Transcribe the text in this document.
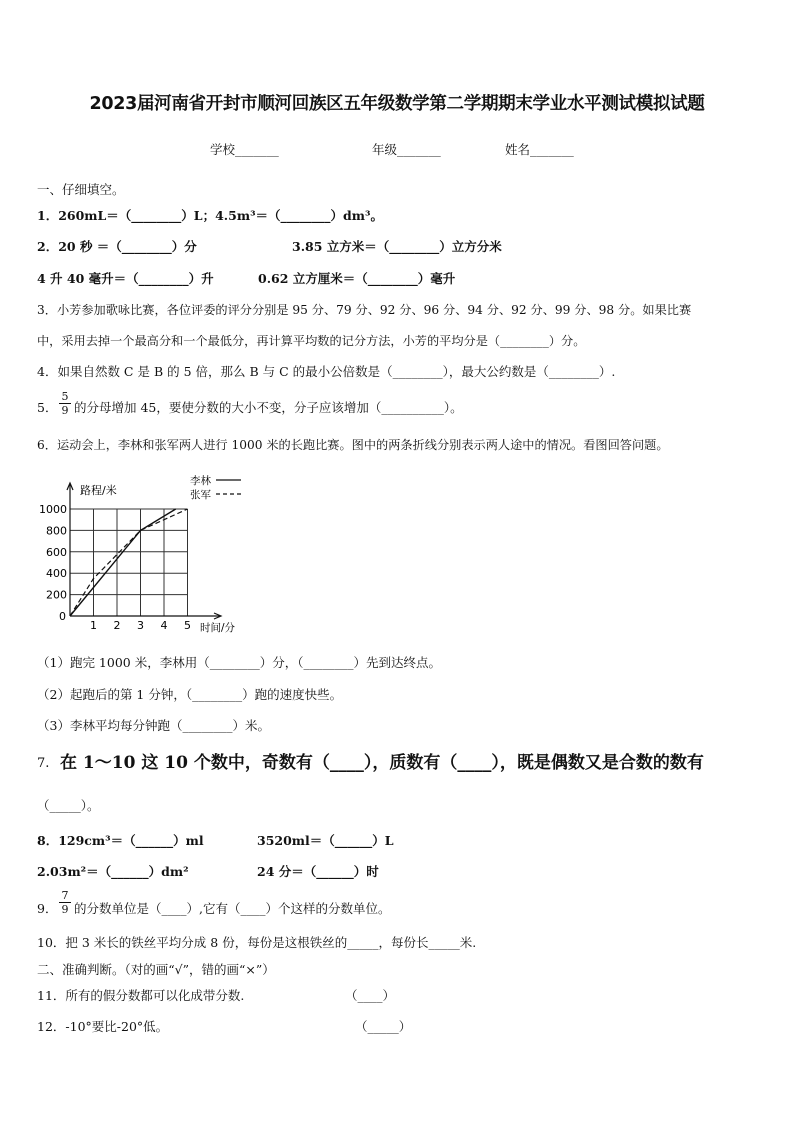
2023届河南省开封市顺河回族区五年级数学第二学期期末学业水平测试模拟试题
学校_______	年级_______	姓名_______
一、仔细填空。
1．260mL＝（________）L；4.5m³＝（________）dm³。
2．20 秒 ＝（________）分	3.85 立方米＝（________）立方分米
4 升 40 毫升＝（________）升	0.62 立方厘米＝（________）毫升
3．小芳参加歌咏比赛，各位评委的评分分别是 95 分、79 分、92 分、96 分、94 分、92 分、99 分、98 分。如果比赛
中，采用去掉一个最高分和一个最低分，再计算平均数的记分方法，小芳的平均分是（________）分。
4．如果自然数 C 是 B 的 5 倍，那么 B 与 C 的最小公倍数是（________），最大公约数是（________）.
5． $\frac{5}{9}$ 的分母增加 45，要使分数的大小不变，分子应该增加（__________）。
6．运动会上，李林和张军两人进行 1000 米的长跑比赛。图中的两条折线分别表示两人途中的情况。看图回答问题。
1000
800
600
400
200
1 2 3 4 5
0
路程/米
时间/分
李林
张军
（1）跑完 1000 米，李林用（________）分，（________）先到达终点。
（2）起跑后的第 1 分钟，（________）跑的速度快些。
（3）李林平均每分钟跑（________）米。
7. 在 1～10 这 10 个数中，奇数有（____），质数有（____），既是偶数又是合数的数有
（_____）。
8．129cm³＝（______）ml	3520ml＝（______）L
2.03m²＝（______）dm²	24 分＝（______）时
9． $\frac{7}{9}$ 的分数单位是（____）,它有（____）个这样的分数单位。
10．把 3 米长的铁丝平均分成 8 份，每份是这根铁丝的_____，每份长_____米.
二、准确判断。（对的画“√”，错的画“×”）
11．所有的假分数都可以化成带分数.	（____）
12．-10°要比-20°低。	（_____）
